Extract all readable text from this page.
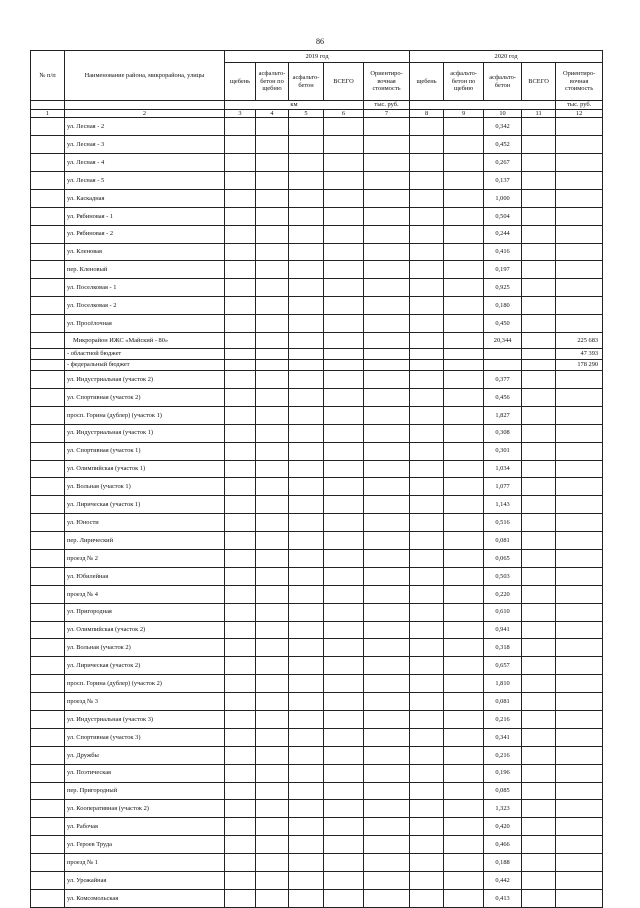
86
№ п/п	Наименование района, микрорайона, улицы	2019 год					2020 год				
		щебень	асфальто-бетон по щебню	асфальто-бетон	ВСЕГО	Ориентиро-вочная стоимость	щебень	асфальто-бетон по щебню	асфальто-бетон	ВСЕГО	Ориентиро-вочная стоимость
		км				тыс. руб.					тыс. руб.
1	2	3	4	5	6	7	8	9	10	11	12
	ул. Лесная - 2								0,342		
	ул. Лесная - 3								0,452		
	ул. Лесная - 4								0,267		
	ул. Лесная - 5								0,137		
	ул. Каскадная								1,000		
	ул. Рябиновая - 1								0,504		
	ул. Рябиновая - 2								0,244		
	ул. Кленовая								0,416		
	пер. Кленовый								0,197		
	ул. Поселковая - 1								0,925		
	ул. Поселковая - 2								0,180		
	ул. Просёлочная								0,450		
	Микрорайон ИЖС «Майский - 80»								20,344		225 683
	- областной бюджет										47 393
	- федеральный бюджет										178 290
	ул. Индустриальная (участок 2)								0,377		
	ул. Спортивная (участок 2)								0,456		
	просп. Горина (дублер) (участок 1)								1,827		
	ул. Индустриальная (участок 1)								0,308		
	ул. Спортивная (участок 1)								0,301		
	ул. Олимпийская (участок 1)								1,034		
	ул. Вольная (участок 1)								1,077		
	ул. Лирическая (участок 1)								1,143		
	ул. Юности								0,516		
	пер. Лирический								0,081		
	проезд № 2								0,065		
	ул. Юбилейная								0,503		
	проезд № 4								0,220		
	ул. Пригородная								0,610		
	ул. Олимпийская (участок 2)								0,941		
	ул. Вольная (участок 2)								0,318		
	ул. Лирическая (участок 2)								0,657		
	просп. Горина (дублер) (участок 2)								1,810		
	проезд № 3								0,081		
	ул. Индустриальная (участок 3)								0,216		
	ул. Спортивная (участок 3)								0,341		
	ул. Дружбы								0,216		
	ул. Поэтическая								0,196		
	пер. Пригородный								0,085		
	ул. Кооперативная (участок 2)								1,323		
	ул. Рабочая								0,420		
	ул. Героев Труда								0,466		
	проезд № 1								0,188		
	ул. Урожайная								0,442		
	ул. Комсомольская								0,413		
